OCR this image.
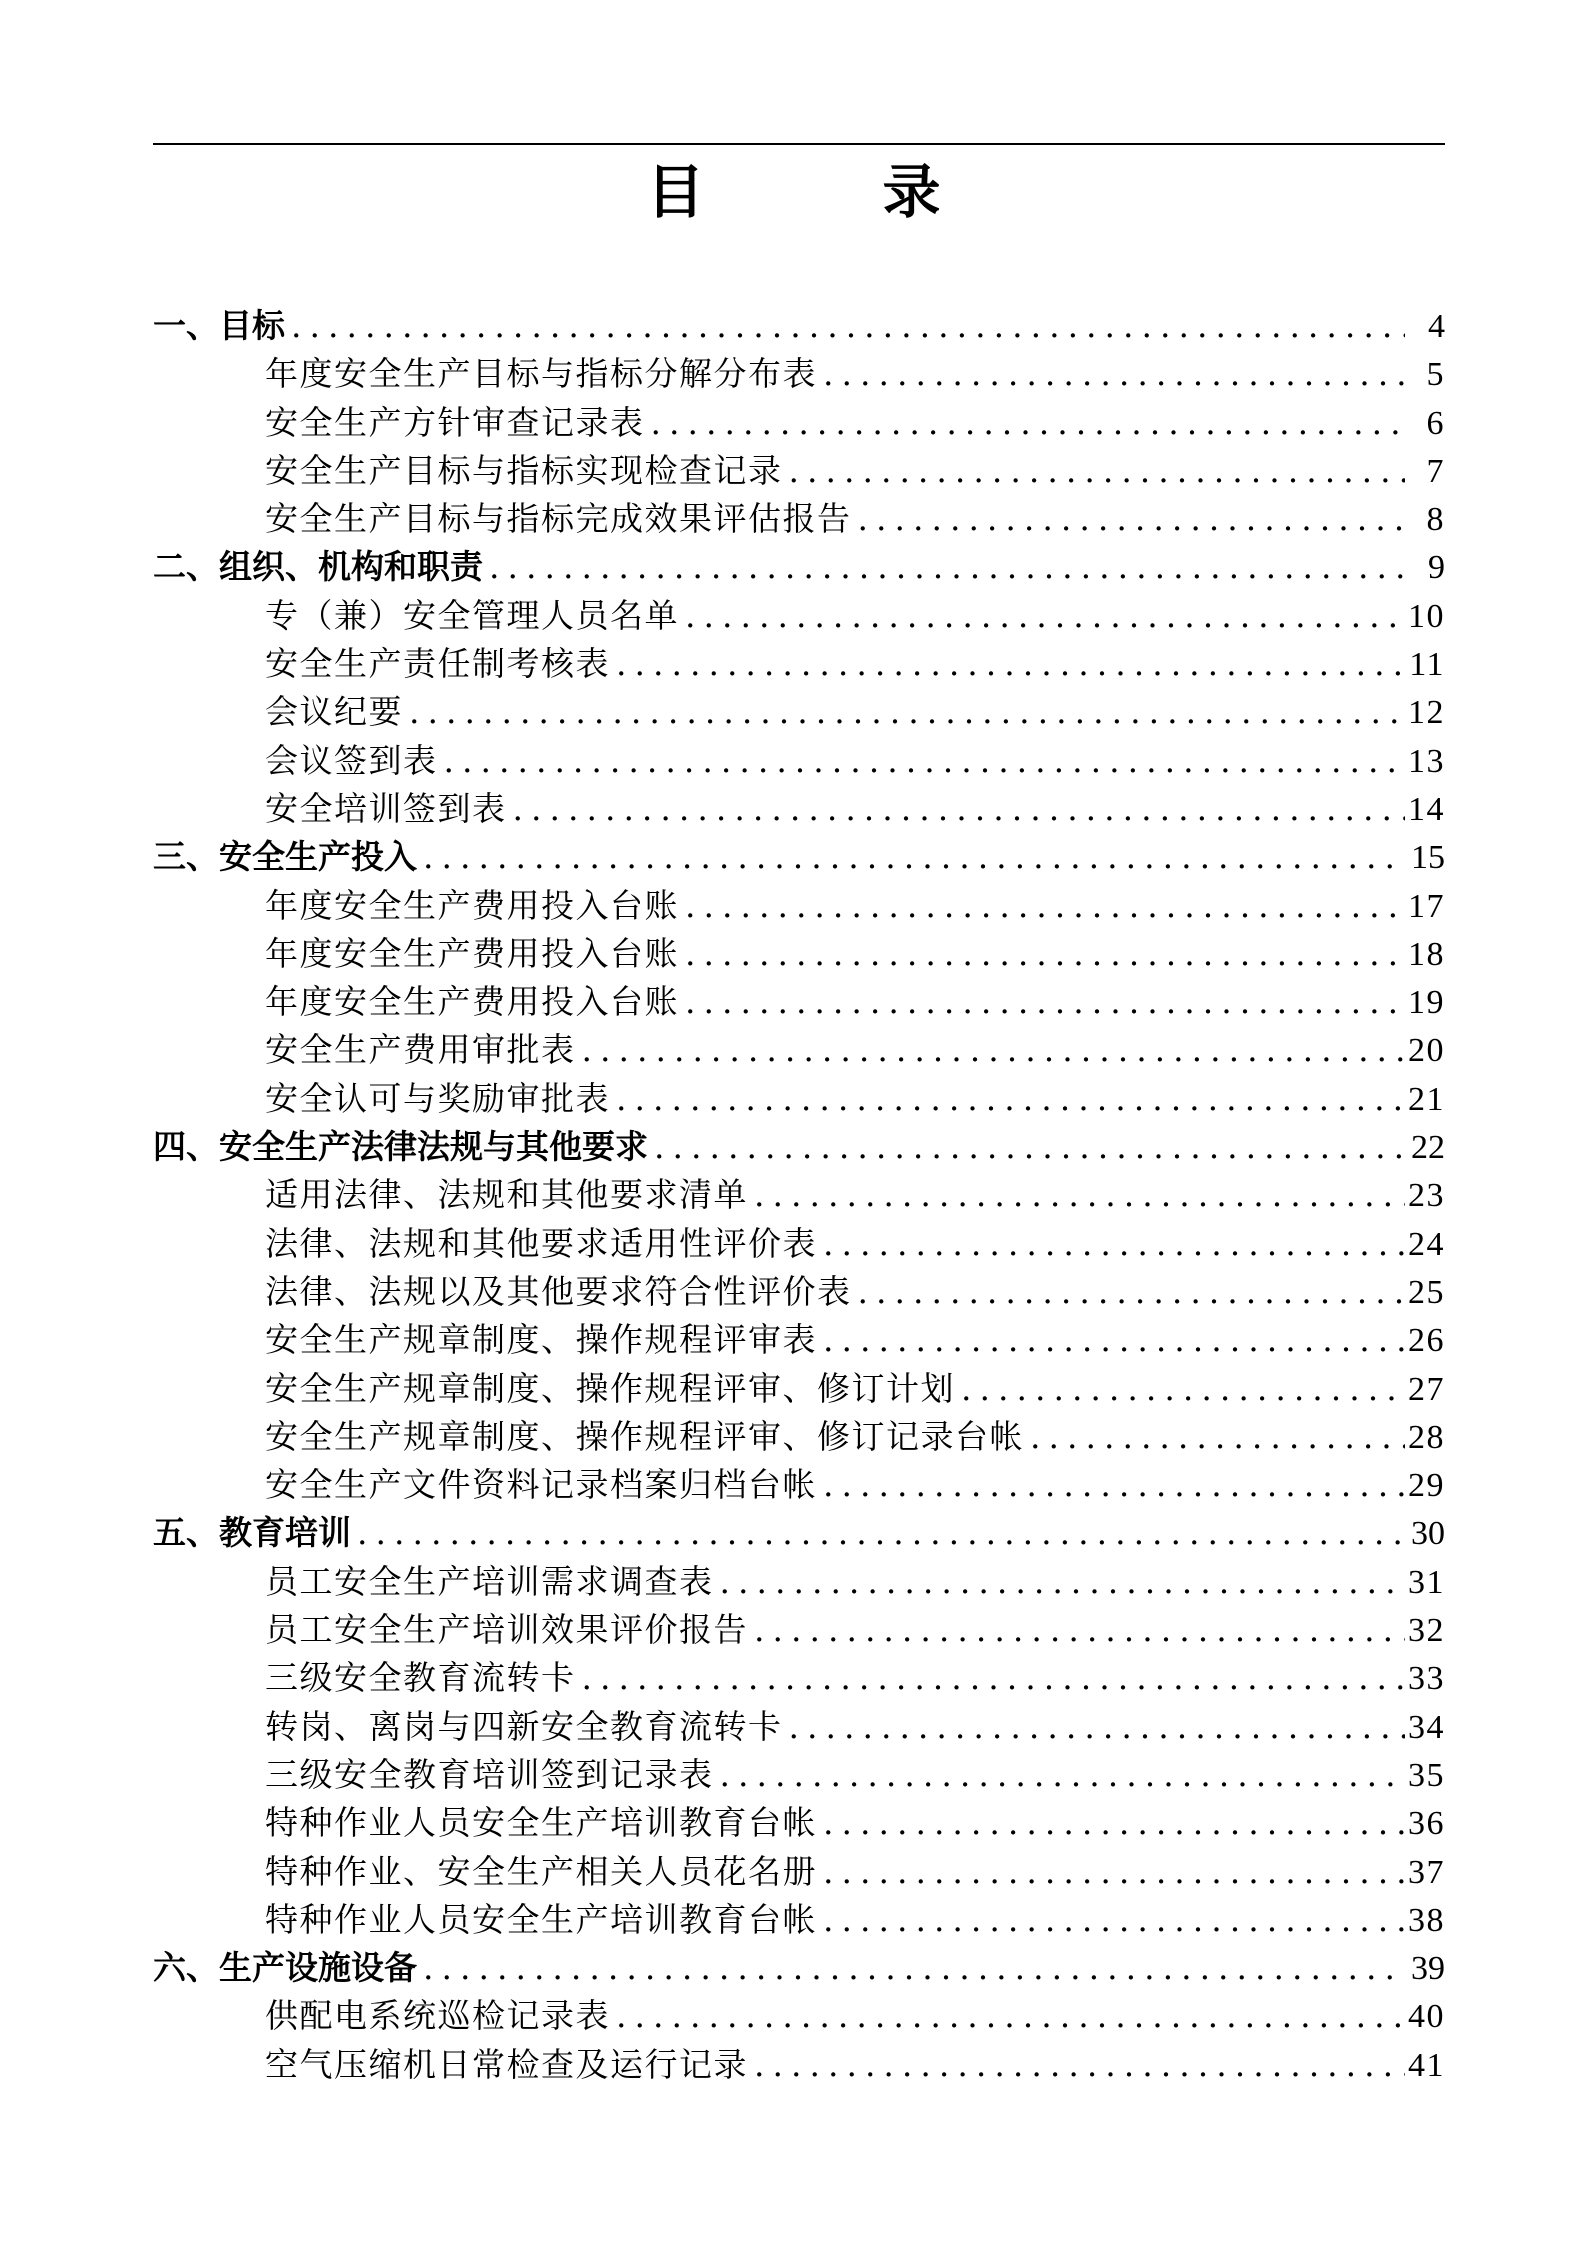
目　录
一、目标 .....	4
年度安全生产目标与指标分解分布表 .....	5
安全生产方针审查记录表 .....	6
安全生产目标与指标实现检查记录 .....	7
安全生产目标与指标完成效果评估报告 .....	8
二、组织、机构和职责 .....	9
专（兼）安全管理人员名单 .....	10
安全生产责任制考核表 .....	11
会议纪要 .....	12
会议签到表 .....	13
安全培训签到表 .....	14
三、安全生产投入 .....	15
年度安全生产费用投入台账 .....	17
年度安全生产费用投入台账 .....	18
年度安全生产费用投入台账 .....	19
安全生产费用审批表 .....	20
安全认可与奖励审批表 .....	21
四、安全生产法律法规与其他要求 .....	22
适用法律、法规和其他要求清单 .....	23
法律、法规和其他要求适用性评价表 .....	24
法律、法规以及其他要求符合性评价表 .....	25
安全生产规章制度、操作规程评审表 .....	26
安全生产规章制度、操作规程评审、修订计划 .....	27
安全生产规章制度、操作规程评审、修订记录台帐 .....	28
安全生产文件资料记录档案归档台帐 .....	29
五、教育培训 .....	30
员工安全生产培训需求调查表 .....	31
员工安全生产培训效果评价报告 .....	32
三级安全教育流转卡 .....	33
转岗、离岗与四新安全教育流转卡 .....	34
三级安全教育培训签到记录表 .....	35
特种作业人员安全生产培训教育台帐 .....	36
特种作业、安全生产相关人员花名册 .....	37
特种作业人员安全生产培训教育台帐 .....	38
六、生产设施设备 .....	39
供配电系统巡检记录表 .....	40
空气压缩机日常检查及运行记录 .....	41
